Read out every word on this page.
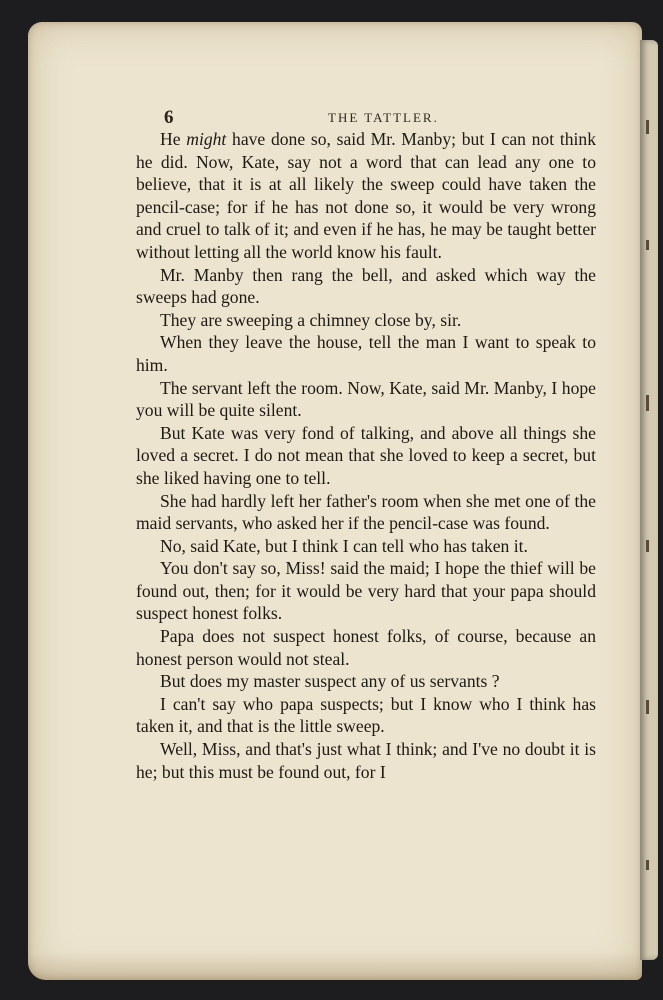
6	THE TATTLER.

He might have done so, said Mr. Manby; but I can not think he did. Now, Kate, say not a word that can lead any one to believe, that it is at all likely the sweep could have taken the pencil-case; for if he has not done so, it would be very wrong and cruel to talk of it; and even if he has, he may be taught better without letting all the world know his fault.

Mr. Manby then rang the bell, and asked which way the sweeps had gone.

They are sweeping a chimney close by, sir.

When they leave the house, tell the man I want to speak to him.

The servant left the room. Now, Kate, said Mr. Manby, I hope you will be quite silent.

But Kate was very fond of talking, and above all things she loved a secret. I do not mean that she loved to keep a secret, but she liked having one to tell.

She had hardly left her father's room when she met one of the maid servants, who asked her if the pencil-case was found.

No, said Kate, but I think I can tell who has taken it.

You don't say so, Miss! said the maid; I hope the thief will be found out, then; for it would be very hard that your papa should suspect honest folks.

Papa does not suspect honest folks, of course, because an honest person would not steal.

But does my master suspect any of us servants ?

I can't say who papa suspects; but I know who I think has taken it, and that is the little sweep.

Well, Miss, and that's just what I think; and I've no doubt it is he; but this must be found out, for I
